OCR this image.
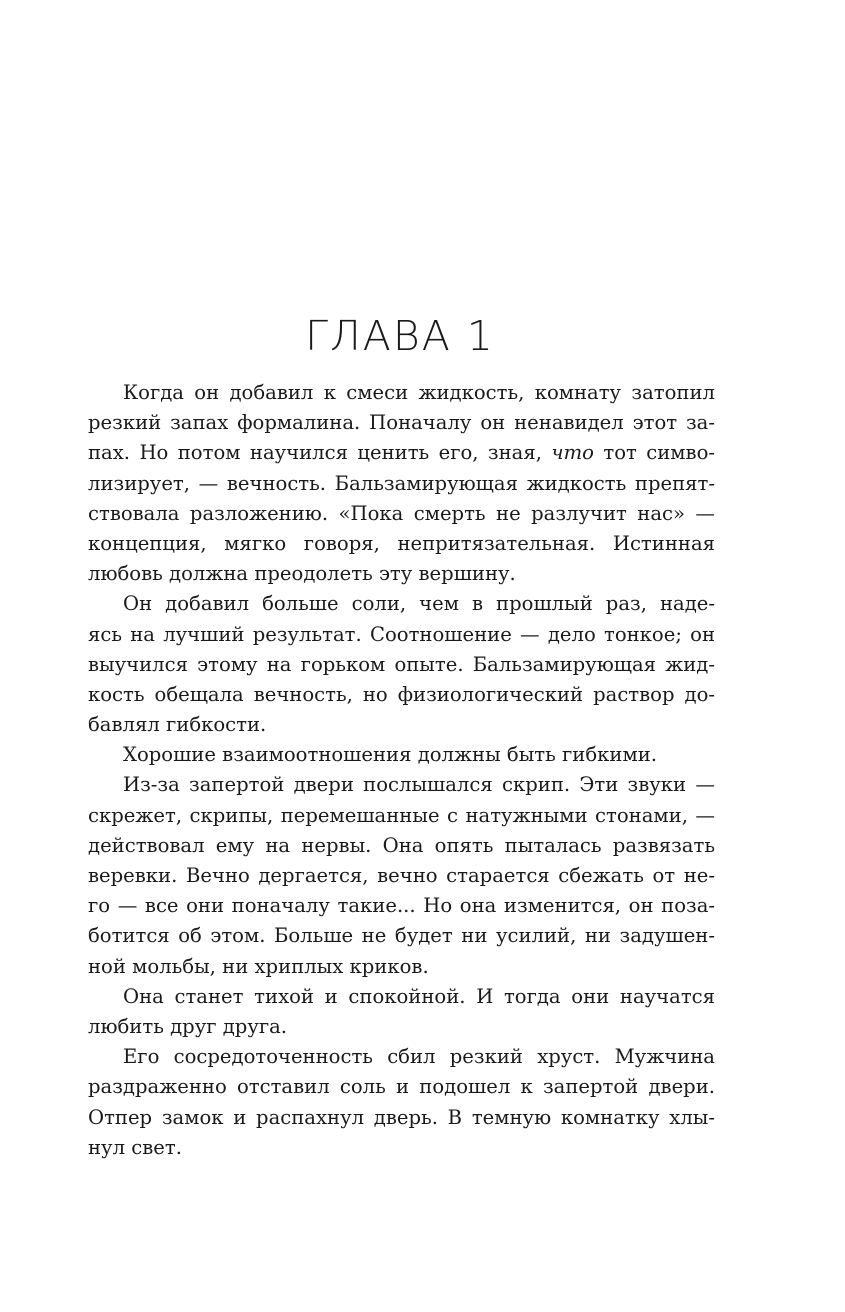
ГЛАВА 1
Когда он добавил к смеси жидкость, комнату затопил
резкий запах формалина. Поначалу он ненавидел этот за-
пах. Но потом научился ценить его, зная, что тот симво-
лизирует, — вечность. Бальзамирующая жидкость препят-
ствовала разложению. «Пока смерть не разлучит нас» —
концепция, мягко говоря, непритязательная. Истинная
любовь должна преодолеть эту вершину.
Он добавил больше соли, чем в прошлый раз, наде-
ясь на лучший результат. Соотношение — дело тонкое; он
выучился этому на горьком опыте. Бальзамирующая жид-
кость обещала вечность, но физиологический раствор до-
бавлял гибкости.
Хорошие взаимоотношения должны быть гибкими.
Из-за запертой двери послышался скрип. Эти звуки —
скрежет, скрипы, перемешанные с натужными стонами, —
действовал ему на нервы. Она опять пыталась развязать
веревки. Вечно дергается, вечно старается сбежать от не-
го — все они поначалу такие... Но она изменится, он поза-
ботится об этом. Больше не будет ни усилий, ни задушен-
ной мольбы, ни хриплых криков.
Она станет тихой и спокойной. И тогда они научатся
любить друг друга.
Его сосредоточенность сбил резкий хруст. Мужчина
раздраженно отставил соль и подошел к запертой двери.
Отпер замок и распахнул дверь. В темную комнатку хлы-
нул свет.
